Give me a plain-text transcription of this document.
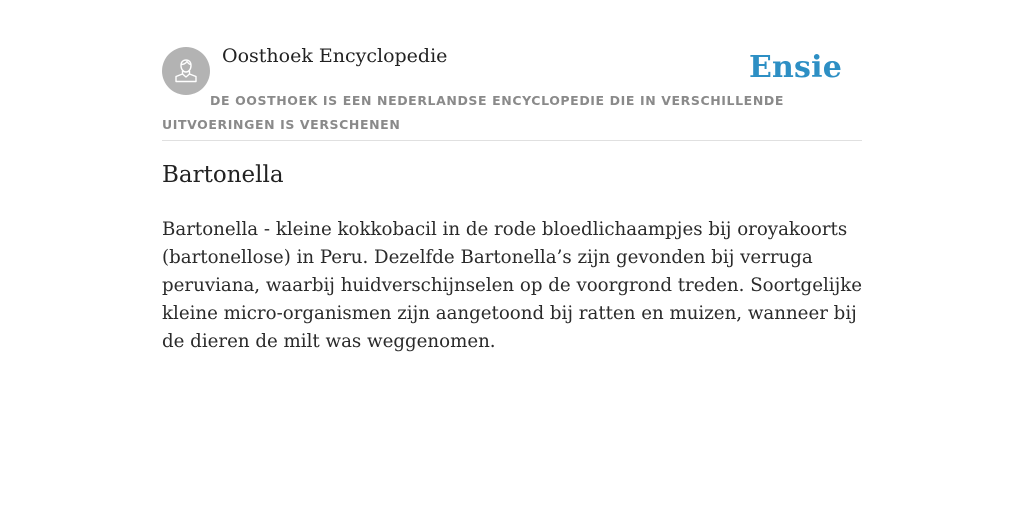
Oosthoek Encyclopedie	Ensie
DE OOSTHOEK IS EEN NEDERLANDSE ENCYCLOPEDIE DIE IN VERSCHILLENDE UITVOERINGEN IS VERSCHENEN
Bartonella

Bartonella - kleine kokkobacil in de rode bloedlichaampjes bij oroyakoorts (bartonellose) in Peru. Dezelfde Bartonella’s zijn gevonden bij verruga peruviana, waarbij huidverschijnselen op de voorgrond treden. Soortgelijke kleine micro-organismen zijn aangetoond bij ratten en muizen, wanneer bij de dieren de milt was weggenomen.
